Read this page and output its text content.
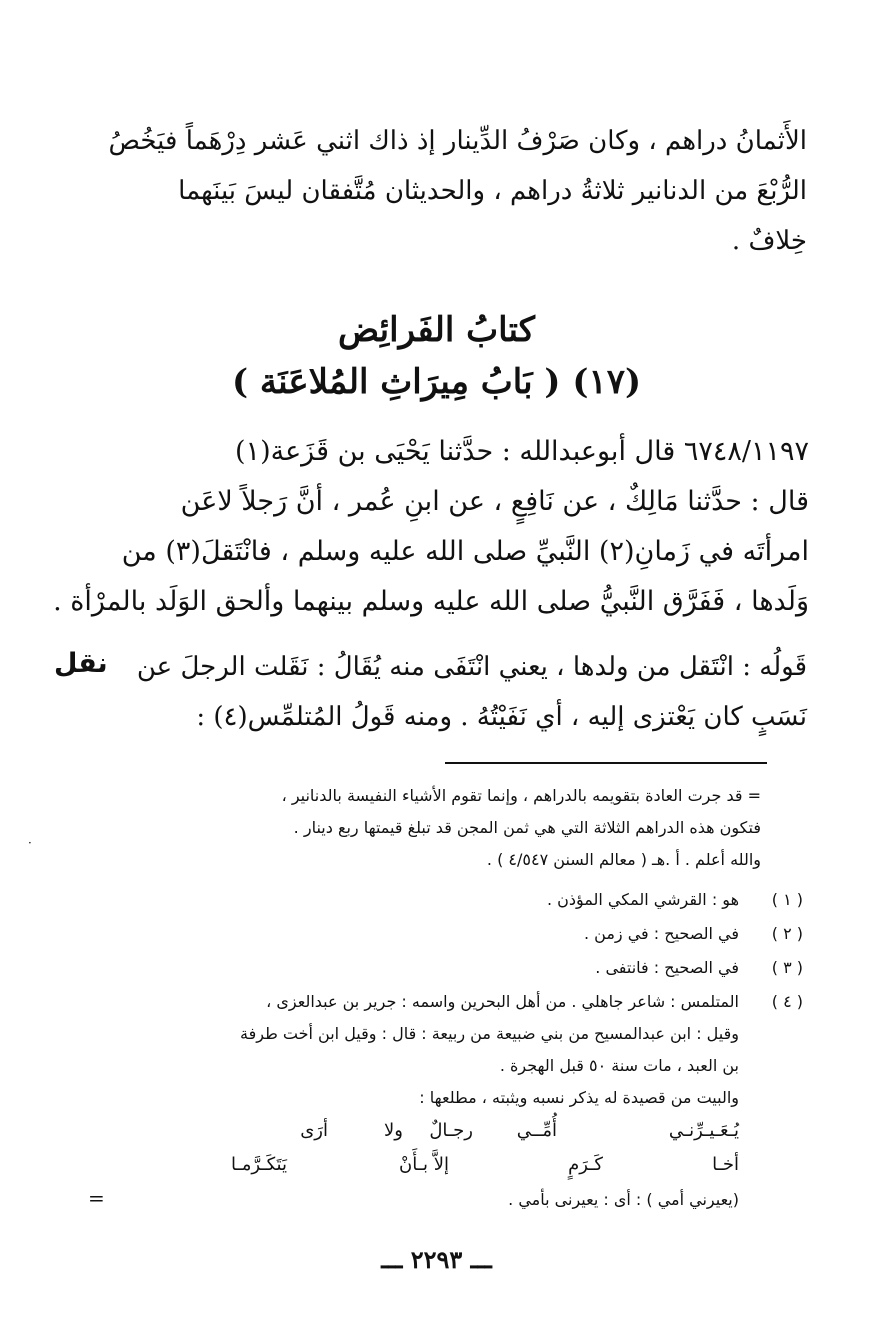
الأَثمانُ دراهم ، وكان صَرْفُ الدِّينار إذ ذاك اثني عَشر دِرْهَماً فيَخُصُ
الرُّبْعَ من الدنانير ثلاثةُ دراهم ، والحديثان مُتَّفقان ليسَ بَينَهما
خِلافٌ .
كتابُ الفَرائِض
(١٧) ( بَابُ مِيرَاثِ المُلاعَنَة )
٦٧٤٨/١١٩٧ قال أبوعبدالله : حدَّثنا يَحْيَى بن قَزَعة(١)
قال : حدَّثنا مَالِكٌ ، عن نَافِعٍ ، عن ابنِ عُمر ، أنَّ رَجلاً لاعَن
امرأتَه في زَمانِ(٢) النَّبيِّ صلى الله عليه وسلم ، فانْتَقلَ(٣) من
وَلَدها ، فَفَرَّق النَّبيُّ صلى الله عليه وسلم بينهما وألحق الوَلَد بالمرْأة .
قَولُه : انْتَقل من ولدها ، يعني انْتَفَى منه يُقَالُ : نَقَلت الرجلَ عن
نَسَبٍ كان يَعْتزى إليه ، أي نَفَيْتُهُ . ومنه قَولُ المُتلمِّس(٤) :
نقل
= قد جرت العادة بتقويمه بالدراهم ، وإنما تقوم الأشياء النفيسة بالدنانير ،
فتكون هذه الدراهم الثلاثة التي هي ثمن المجن قد تبلغ قيمتها ربع دينار .
والله أعلم . أ .هـ ( معالم السنن ٤/٥٤٧ ) .
( ١ )
هو : القرشي المكي المؤذن .
( ٢ )
في الصحيح : في زمن .
( ٣ )
في الصحيح : فانتفى .
( ٤ )
المتلمس : شاعر جاهلي . من أهل البحرين واسمه : جرير بن عبدالعزى ،
وقيل : ابن عبدالمسيح من بني ضبيعة من ربيعة : قال : وقيل ابن أخت طرفة
بن العبد ، مات سنة ٥٠ قبل الهجرة .
والبيت من قصيدة له يذكر نسبه ويثبته ، مطلعها :
يُـعَـيـرِّنـي
أُمِّــي
رجـالٌ
ولا
أرَى
أخـا
كَـرَمٍ
إلاَّ بـأَنْ
يَتَكَـرَّمـا
(يعيرني أمي ) : أى : يعيرنى بأمي .
=
·
ـــ ٢٢٩٣ ـــ
